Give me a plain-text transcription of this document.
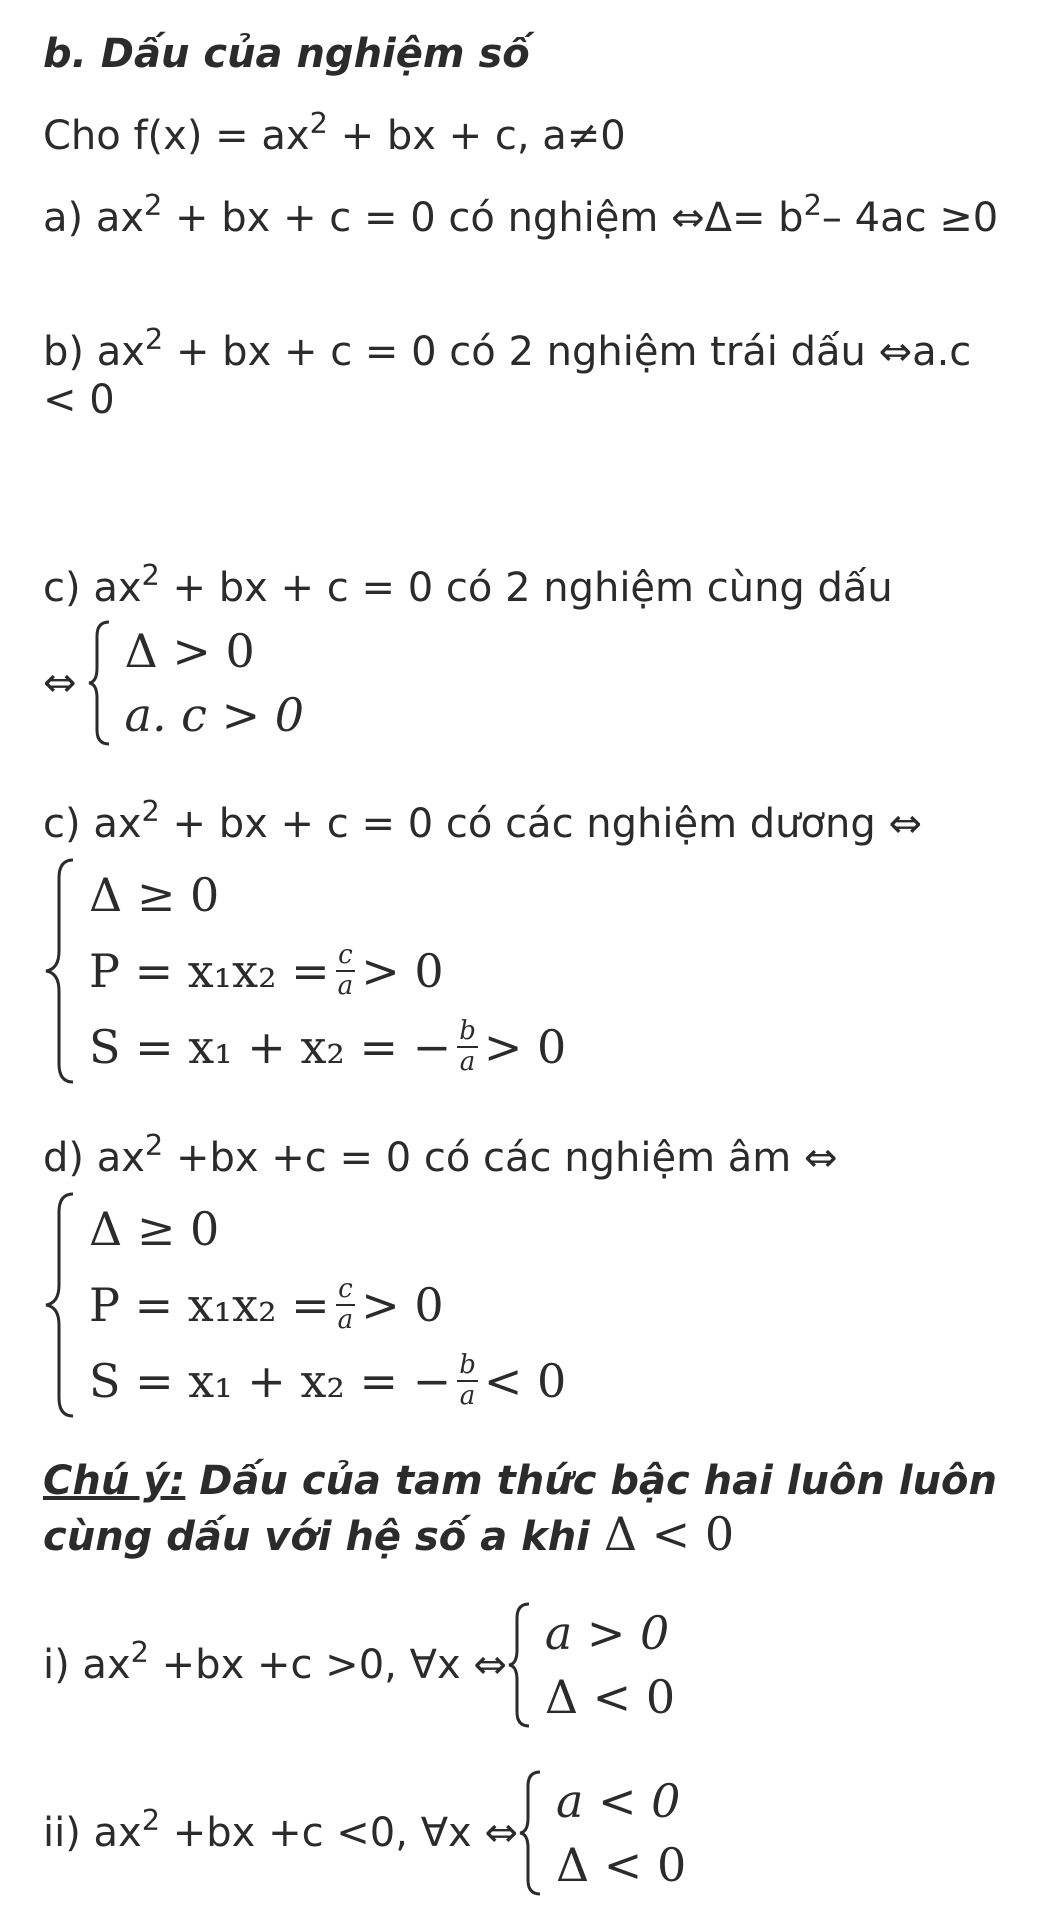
b. Dấu của nghiệm số
Cho $f(x) = ax^2$ + bx + c, a≠0
a) $ax^2$ + bx + c = 0 có nghiệm ⇔Δ= $b^2-$ 4ac ≥0
b) $ax^2$ + bx + c = 0 có 2 nghiệm trái dấu ⇔a.c < 0
c) $ax^2$ + bx + c = 0 có 2 nghiệm cùng dấu
⇔
Δ > 0
a. c > 0
c) $ax^2$ + bx + c = 0 có các nghiệm dương ⇔
Δ ≥ 0
$P = x_1x_2 = \frac{c}{a} > 0$
S = x₁ + x₂ = − $\frac{b}{a} > 0$
d) $ax^2 +bx +c = 0$ có các nghiệm âm ⇔
Δ ≥ 0
$P = x_1x_2 = \frac{c}{a} > 0$
S = x₁ + x₂ = − $\frac{b}{a} < 0$
Chú ý: Dấu của tam thức bậc hai luôn luôn cùng dấu với hệ số a khi Δ < 0
i) $ax^2 +bx +c >0$, ∀x ⇔
a > 0
Δ < 0
ii) $ax^2 +bx +c <0$, ∀x ⇔
a < 0
Δ < 0
